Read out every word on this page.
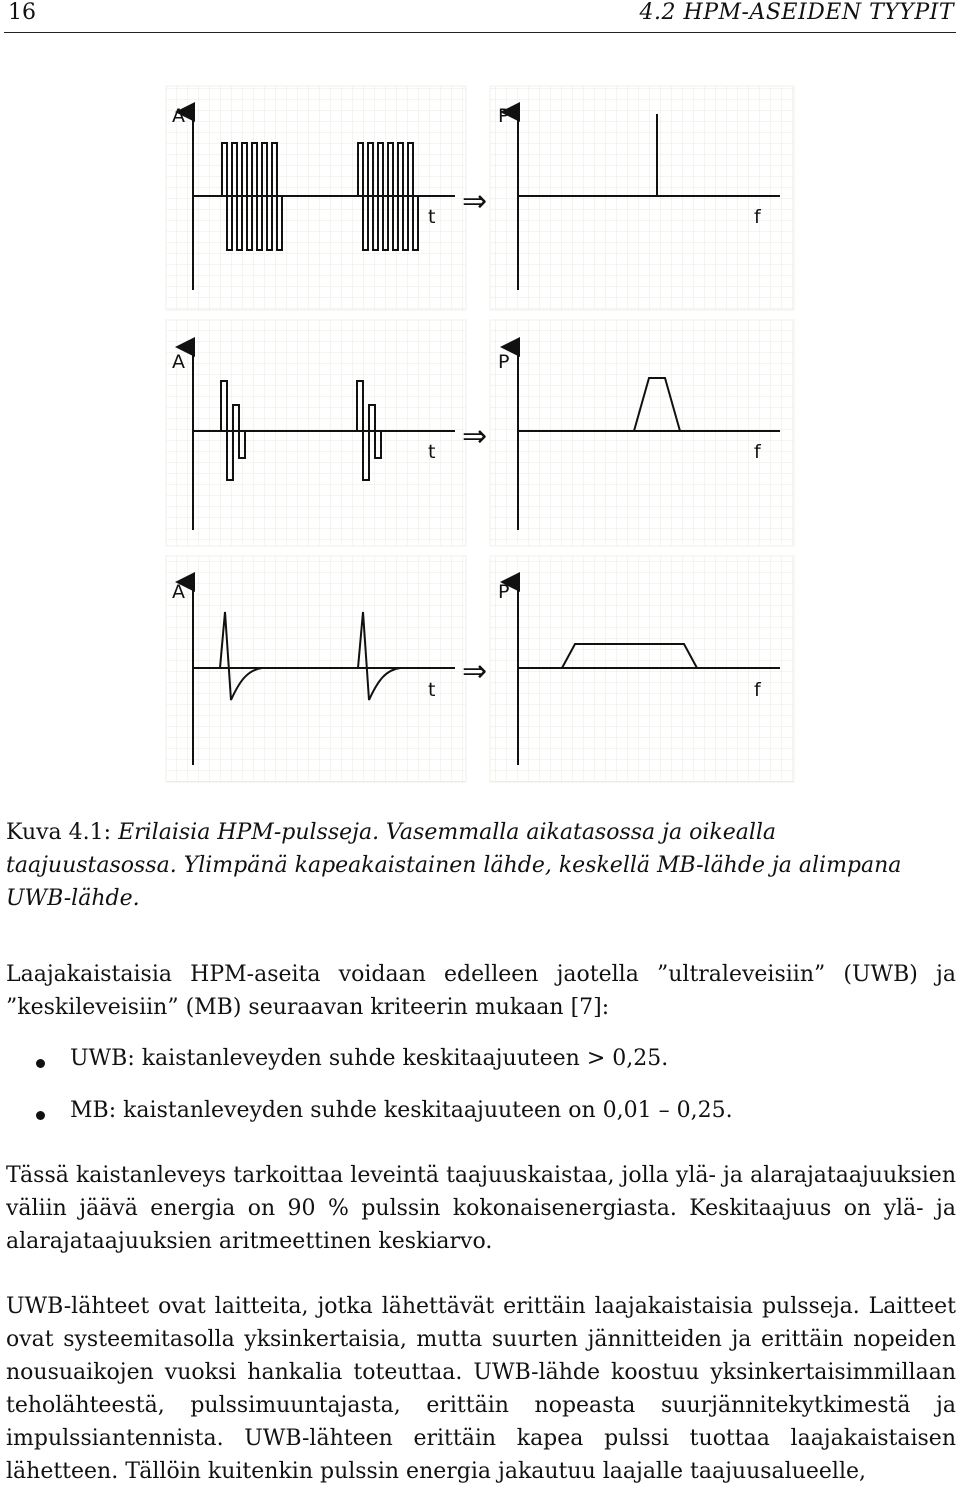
16	4.2 HPM-ASEIDEN TYYPIT
A
t
P
f
⇒
A
t
P
f
⇒
A
t
P
f
⇒
Kuva 4.1: Erilaisia HPM-pulsseja. Vasemmalla aikatasossa ja oikealla taajuustasossa. Ylimpänä kapeakaistainen lähde, keskellä MB-lähde ja alimpana UWB-lähde.
Laajakaistaisia HPM-aseita voidaan edelleen jaotella ”ultraleveisiin” (UWB) ja ”keskileveisiin” (MB) seuraavan kriteerin mukaan [7]:
UWB: kaistanleveyden suhde keskitaajuuteen > 0,25.
MB: kaistanleveyden suhde keskitaajuuteen on 0,01 – 0,25.
Tässä kaistanleveys tarkoittaa leveintä taajuuskaistaa, jolla ylä- ja alarajataajuuksien väliin jäävä energia on 90 % pulssin kokonaisenergiasta. Keskitaajuus on ylä- ja alarajataajuuksien aritmeettinen keskiarvo.
UWB-lähteet ovat laitteita, jotka lähettävät erittäin laajakaistaisia pulsseja. Laitteet ovat systeemitasolla yksinkertaisia, mutta suurten jännitteiden ja erittäin nopeiden nousuaikojen vuoksi hankalia toteuttaa. UWB-lähde koostuu yksinkertaisimmillaan teholähteestä, pulssimuuntajasta, erittäin nopeasta suurjännitekytkimestä ja impulssiantennista. UWB-lähteen erittäin kapea pulssi tuottaa laajakaistaisen lähetteen. Tällöin kuitenkin pulssin energia jakautuu laajalle taajuusalueelle,
